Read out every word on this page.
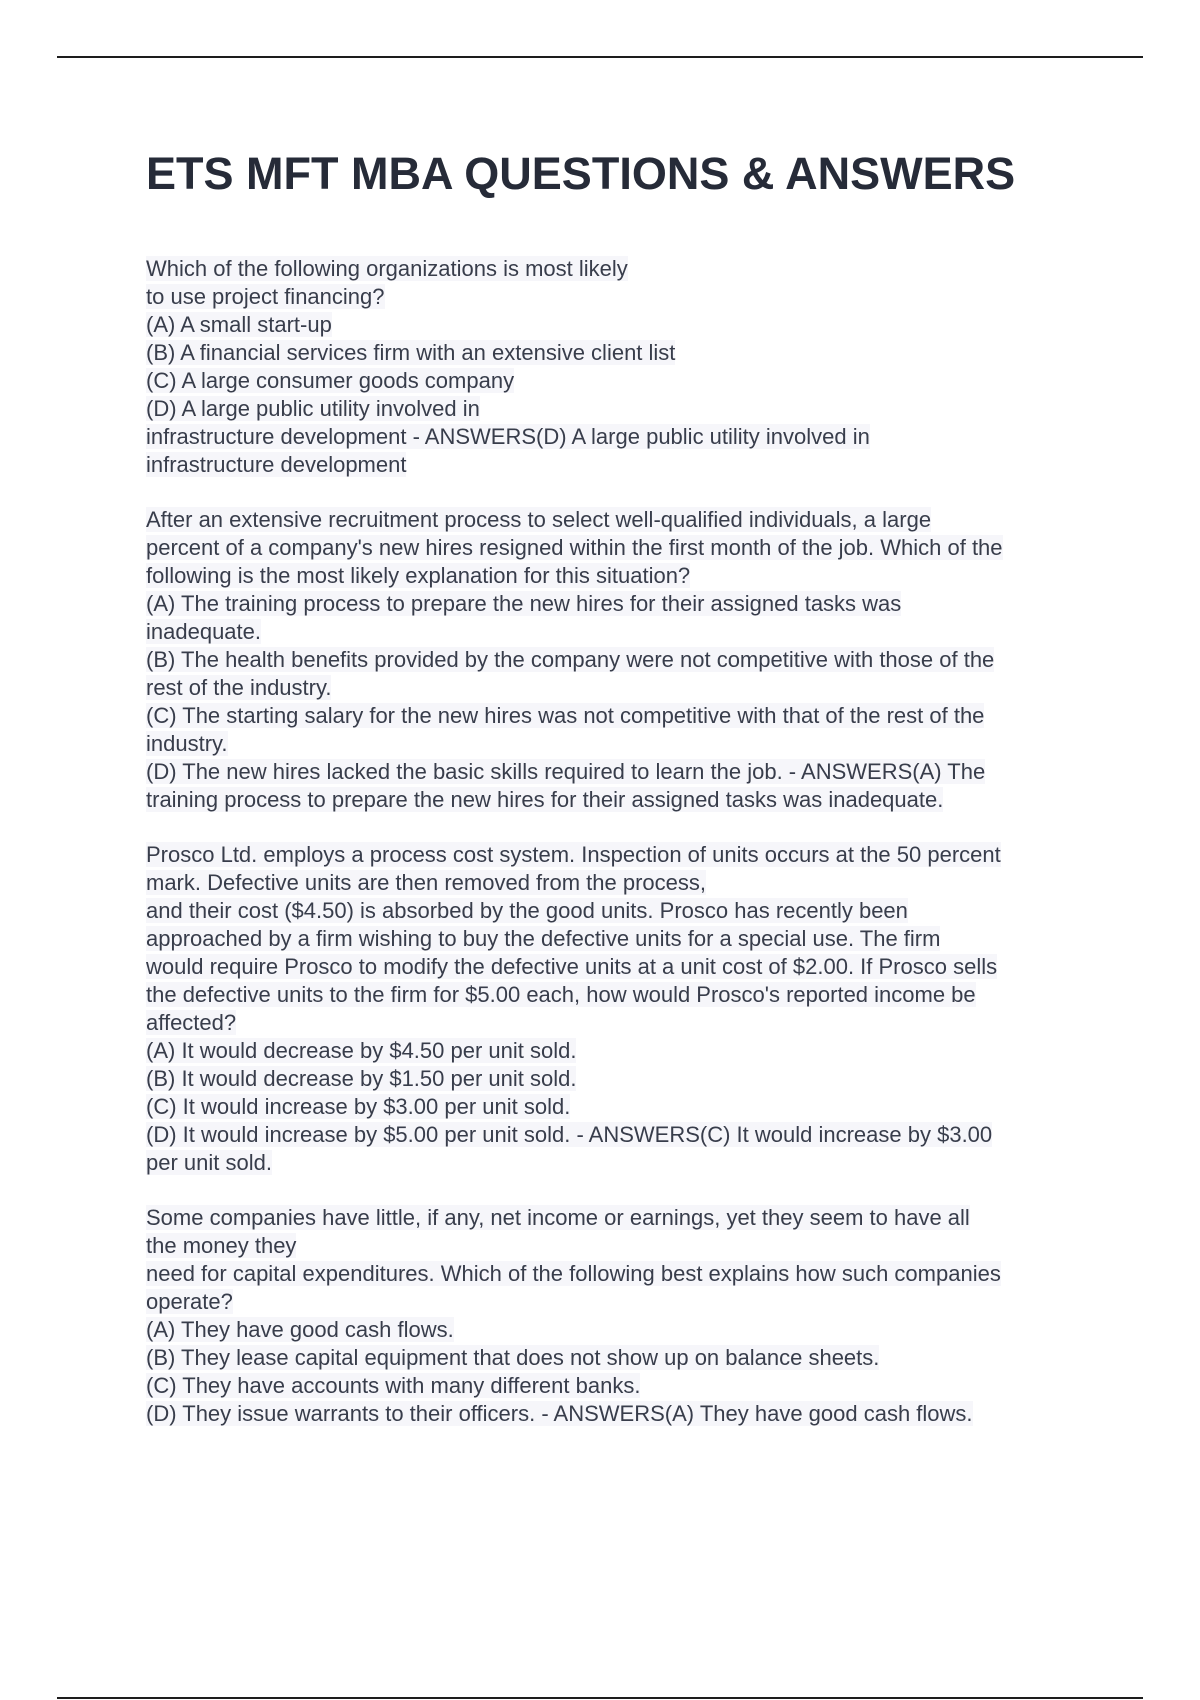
ETS MFT MBA QUESTIONS & ANSWERS
Which of the following organizations is most likely
to use project financing?
(A) A small start-up
(B) A financial services firm with an extensive client list
(C) A large consumer goods company
(D) A large public utility involved in
infrastructure development - ANSWERS(D) A large public utility involved in
infrastructure development
After an extensive recruitment process to select well-qualified individuals, a large
percent of a company's new hires resigned within the first month of the job. Which of the
following is the most likely explanation for this situation?
(A) The training process to prepare the new hires for their assigned tasks was
inadequate.
(B) The health benefits provided by the company were not competitive with those of the
rest of the industry.
(C) The starting salary for the new hires was not competitive with that of the rest of the
industry.
(D) The new hires lacked the basic skills required to learn the job. - ANSWERS(A) The
training process to prepare the new hires for their assigned tasks was inadequate.
Prosco Ltd. employs a process cost system. Inspection of units occurs at the 50 percent
mark. Defective units are then removed from the process,
and their cost ($4.50) is absorbed by the good units. Prosco has recently been
approached by a firm wishing to buy the defective units for a special use. The firm
would require Prosco to modify the defective units at a unit cost of $2.00. If Prosco sells
the defective units to the firm for $5.00 each, how would Prosco's reported income be
affected?
(A) It would decrease by $4.50 per unit sold.
(B) It would decrease by $1.50 per unit sold.
(C) It would increase by $3.00 per unit sold.
(D) It would increase by $5.00 per unit sold. - ANSWERS(C) It would increase by $3.00
per unit sold.
Some companies have little, if any, net income or earnings, yet they seem to have all
the money they
need for capital expenditures. Which of the following best explains how such companies
operate?
(A) They have good cash flows.
(B) They lease capital equipment that does not show up on balance sheets.
(C) They have accounts with many different banks.
(D) They issue warrants to their officers. - ANSWERS(A) They have good cash flows.
